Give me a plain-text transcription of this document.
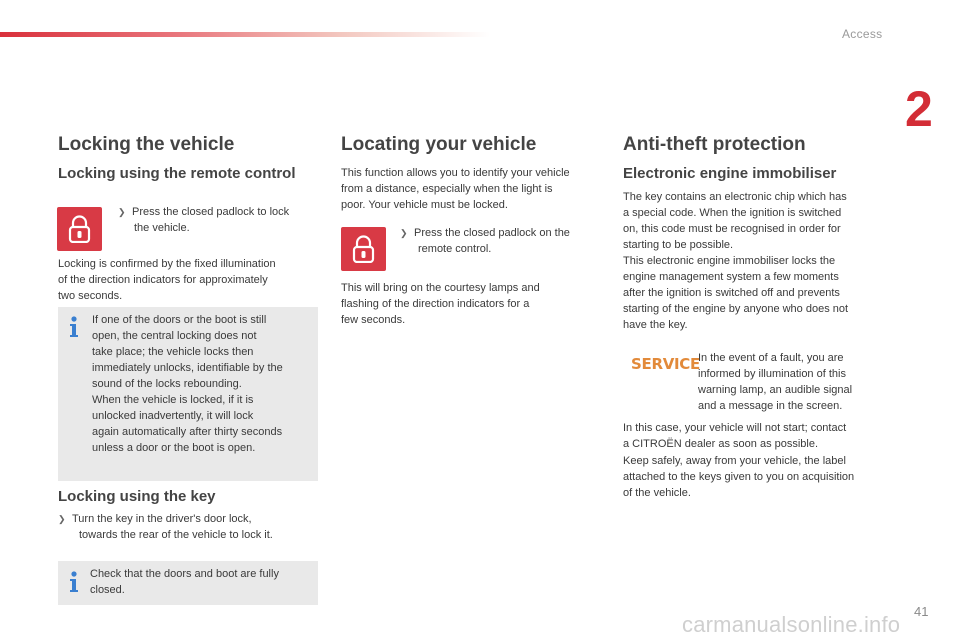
Access
2
41
carmanualsonline.info
Locking the vehicle
Locking using the remote control
❯ Press the closed padlock to lock
the vehicle.

Locking is confirmed by the fixed illumination

of the direction indicators for approximately

two seconds.

If one of the doors or the boot is still

open, the central locking does not

take place; the vehicle locks then

immediately unlocks, identifiable by the

sound of the locks rebounding.

When the vehicle is locked, if it is

unlocked inadvertently, it will lock

again automatically after thirty seconds

unless a door or the boot is open.

Locking using the key
❯ Turn the key in the driver's door lock,
towards the rear of the vehicle to lock it.

Check that the doors and boot are fully

closed.

Locating your vehicle

This function allows you to identify your vehicle

from a distance, especially when the light is

poor. Your vehicle must be locked.

❯ Press the closed padlock on the
remote control.

This will bring on the courtesy lamps and

flashing of the direction indicators for a

few seconds.

Anti-theft protection
Electronic engine immobiliser

The key contains an electronic chip which has

a special code. When the ignition is switched

on, this code must be recognised in order for

starting to be possible.

This electronic engine immobiliser locks the

engine management system a few moments

after the ignition is switched off and prevents

starting of the engine by anyone who does not

have the key.

SERVICE

In the event of a fault, you are

informed by illumination of this

warning lamp, an audible signal

and a message in the screen.

In this case, your vehicle will not start; contact

a CITROËN dealer as soon as possible.

Keep safely, away from your vehicle, the label

attached to the keys given to you on acquisition

of the vehicle.
